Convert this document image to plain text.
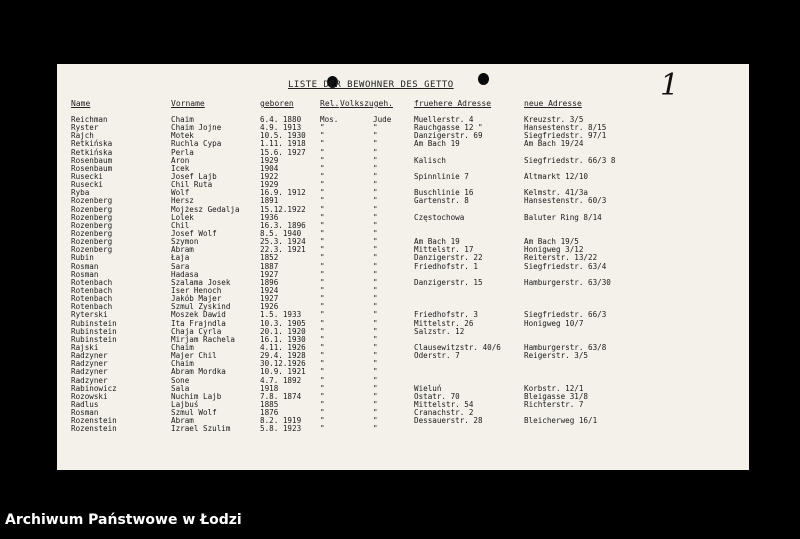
LISTE DER BEWOHNER DES GETTO	1
Name	Vorname	geboren	Rel. Volkszugeh.	fruehere Adresse	neue Adresse
Reichman	Chaim	6.4. 1880 Mos.	Jude	Muellerstr. 4	Kreuzstr. 3/5
Ryster	Chaim Jojne	4.9. 1913 "	"	Rauchgasse 12 "	Hansestenstr. 8/15
Rajch	Motek	10.5. 1930 "	"	Danzigerstr. 69	Siegfriedstr. 97/1
Retkińska	Ruchla Cypa	1.11. 1918 "	"	Am Bach 19	Am Bach 19/24
Retkińska	Perla	15.6. 1927 "	"
Rosenbaum	Aron	1929	"	"	Kalisch	Siegfriedstr. 66/3 8
Rosenbaum	Icek	1904	"	"
Rusecki	Josef Lajb	1922	"	"	Spinnlinie 7	Altmarkt 12/10
Rusecki	Chil Ruta	1929	"	"
Ryba	Wolf	16.9. 1912 "	"	Buschlinie 16	Kelmstr. 41/3a
Rozenberg	Hersz	1891	"	"	Gartenstr. 8	Hansestenstr. 60/3
Rozenberg	Mojżesz Gedalja	15.12.1922 "	"
Rozenberg	Lolek	1936	"	"	Częstochowa	Baluter Ring 8/14
Rozenberg	Chil	16.3. 1896 "	"
Rozenberg	Josef Wolf	8.5. 1940 "	"
Rozenberg	Szymon	25.3. 1924 "	"	Am Bach 19	Am Bach 19/5
Rozenberg	Abram	22.3. 1921 "	"	Mittelstr. 17	Honigweg 3/12
Rubin	Łaja	1852	"	"	Danzigerstr. 22	Reiterstr. 13/22
Rosman	Sara	1887	"	"	Friedhofstr. 1	Siegfriedstr. 63/4
Rosman	Hadasa	1927	"	"
Rotenbach	Szalama Josek	1896	"	"	Danzigerstr. 15	Hamburgerstr. 63/30
Rotenbach	Iser Henoch	1924	"	"
Rotenbach	Jakób Majer	1927	"	"
Rotenbach	Szmul Zyskind	1926	"	"
Ryterski	Moszek Dawid	1.5. 1933 "	"	Friedhofstr. 3	Siegfriedstr. 66/3
Rubinstein	Ita Frajndla	10.3. 1905 "	"	Mittelstr. 26	Honigweg 10/7
Rubinstein	Chaja Cyrla	20.1. 1920 "	"	Salzstr. 12
Rubinstein	Mirjam Rachela	16.1. 1930 "	"
Rajski	Chaim	4.11. 1926 "	"	Clausewitzstr. 40/6	Hamburgerstr. 63/8
Radzyner	Majer Chil	29.4. 1928 "	"	Oderstr. 7	Reigerstr. 3/5
Radzyner	Chaim	30.12.1926 "	"
Radzyner	Abram Mordka	10.9. 1921 "	"
Radzyner	Sone	4.7. 1892 "	"
Rabinowicz	Sala	1918	"	"	Wieluń	Korbstr. 12/1
Rozowski	Nuchim Lajb	7.8. 1874 "	"	Ostatr. 70	Bleigasse 31/8
Radlus	Lajbuś	1885	"	"	Mittelstr. 54	Richterstr. 7
Rosman	Szmul Wolf	1876	"	"	Cranachstr. 2
Rozenstein	Abram	8.2. 1919 "	"	Dessauerstr. 28	Bleicherweg 16/1
Rozenstein	Izrael Szulim	5.8. 1923 "	"
Archiwum Państwowe w Łodzi
